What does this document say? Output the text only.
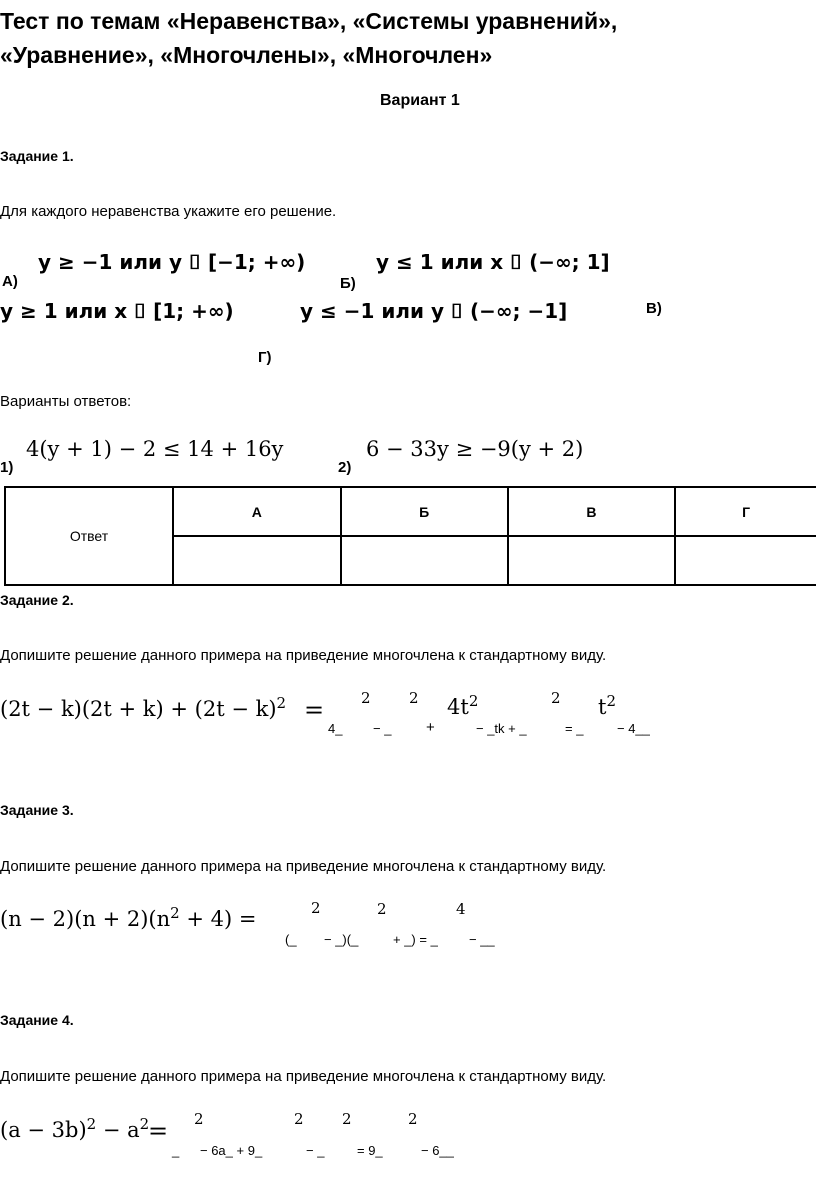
Тест по темам «Неравенства», «Системы уравнений»,
«Уравнение», «Многочлены», «Многочлен»
Вариант 1
Задание 1.
Для каждого неравенства укажите его решение.
y ≥ −1 или y ⌷ [−1; +∞)
А)
y ≤ 1 или x ⌷ (−∞; 1]
Б)
y ≥ 1 или x ⌷ [1; +∞)	y ≤ −1 или y ⌷ (−∞; −1]	В)
Г)
Варианты ответов:
4(y + 1) − 2 ≤ 14 + 16y
1)
6 − 33y ≥ −9(y + 2)
2)
Ответ	А	Б	В	Г

Задание 2.
Допишите решение данного примера на приведение многочлена к стандартному виду.
$(2t - k)(2t + k) + (2t - k)^2 = 2$	2 $4t^2$	2 $t^2$
4_ − _ +	− _tk + _	= _	− 4__
Задание 3.
Допишите решение данного примера на приведение многочлена к стандартному виду.
$(n - 2)(n + 2)(n^2 + 4)$ =	2	2	4
(_ − _)(_	+ _) = _ − __
Задание 4.
Допишите решение данного примера на приведение многочлена к стандартному виду.
$(a - 3b)^2 - a^2$
= 2	2	2	2
_ − 6a_ + 9_	− _	= 9_	− 6__
